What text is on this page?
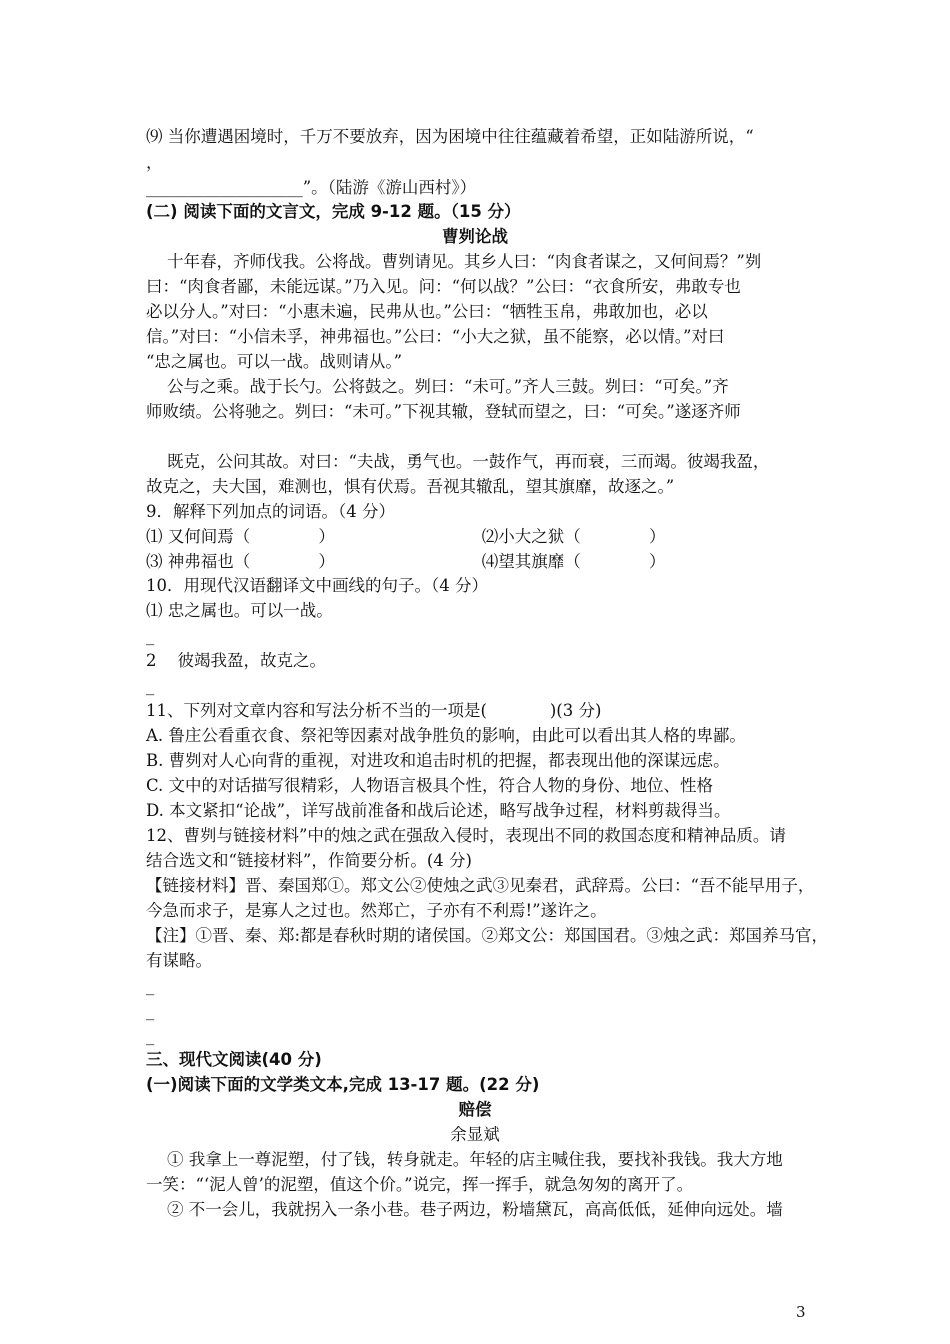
⑼ 当你遭遇困境时，千万不要放弃，因为困境中往往蕴藏着希望，正如陆游所说，“
，
___________________”。（陆游《游山西村》）
(二) 阅读下面的文言文，完成 9-12 题。（15 分）
曹刿论战
十年春，齐师伐我。公将战。曹刿请见。其乡人曰：“肉食者谋之，又何间焉？”刿
曰：“肉食者鄙，未能远谋。”乃入见。问：“何以战？”公曰：“衣食所安，弗敢专也
必以分人。”对曰：“小惠未遍，民弗从也。”公曰：“牺牲玉帛，弗敢加也，必以
信。”对曰：“小信未孚，神弗福也。”公曰：“小大之狱，虽不能察，必以情。”对曰
“忠之属也。可以一战。战则请从。”
公与之乘。战于长勺。公将鼓之。刿曰：“未可。”齐人三鼓。刿曰：“可矣。”齐
师败绩。公将驰之。刿曰：“未可。”下视其辙，登轼而望之，曰：“可矣。”遂逐齐师
既克，公问其故。对曰：“夫战，勇气也。一鼓作气，再而衰，三而竭。彼竭我盈，
故克之，夫大国，难测也，惧有伏焉。吾视其辙乱，望其旗靡，故逐之。”
9．解释下列加点的词语。（4 分）
⑴ 又何间焉（             ）                            ⑵小大之狱（             ）
⑶ 神弗福也（             ）                            ⑷望其旗靡（             ）
10．用现代汉语翻译文中画线的句子。（4 分）
⑴ 忠之属也。可以一战。
_
2    彼竭我盈，故克之。
_
11、下列对文章内容和写法分析不当的一项是(            )(3 分)
A. 鲁庄公看重衣食、祭祀等因素对战争胜负的影响，由此可以看出其人格的卑鄙。
B. 曹刿对人心向背的重视，对进攻和追击时机的把握，都表现出他的深谋远虑。
C. 文中的对话描写很精彩，人物语言极具个性，符合人物的身份、地位、性格
D. 本文紧扣“论战”，详写战前准备和战后论述，略写战争过程，材料剪裁得当。
12、曹刿与链接材料”中的烛之武在强敌入侵时，表现出不同的救国态度和精神品质。请
结合选文和“链接材料”，作简要分析。(4 分)
【链接材料】晋、秦国郑①。郑文公②使烛之武③见秦君，武辞焉。公曰：“吾不能早用子，
今急而求子，是寡人之过也。然郑亡，子亦有不利焉!”遂许之。
【注】①晋、秦、郑:都是春秋时期的诸侯国。②郑文公：郑国国君。③烛之武：郑国养马官，
有谋略。
_
_
_
三、现代文阅读(40 分)
(一)阅读下面的文学类文本,完成 13-17 题。(22 分)
赔偿
余显斌
① 我拿上一尊泥塑，付了钱，转身就走。年轻的店主喊住我，要找补我钱。我大方地
一笑：“‘泥人曾’的泥塑，值这个价。”说完，挥一挥手，就急匆匆的离开了。
② 不一会儿，我就拐入一条小巷。巷子两边，粉墙黛瓦，高高低低，延伸向远处。墙
3
